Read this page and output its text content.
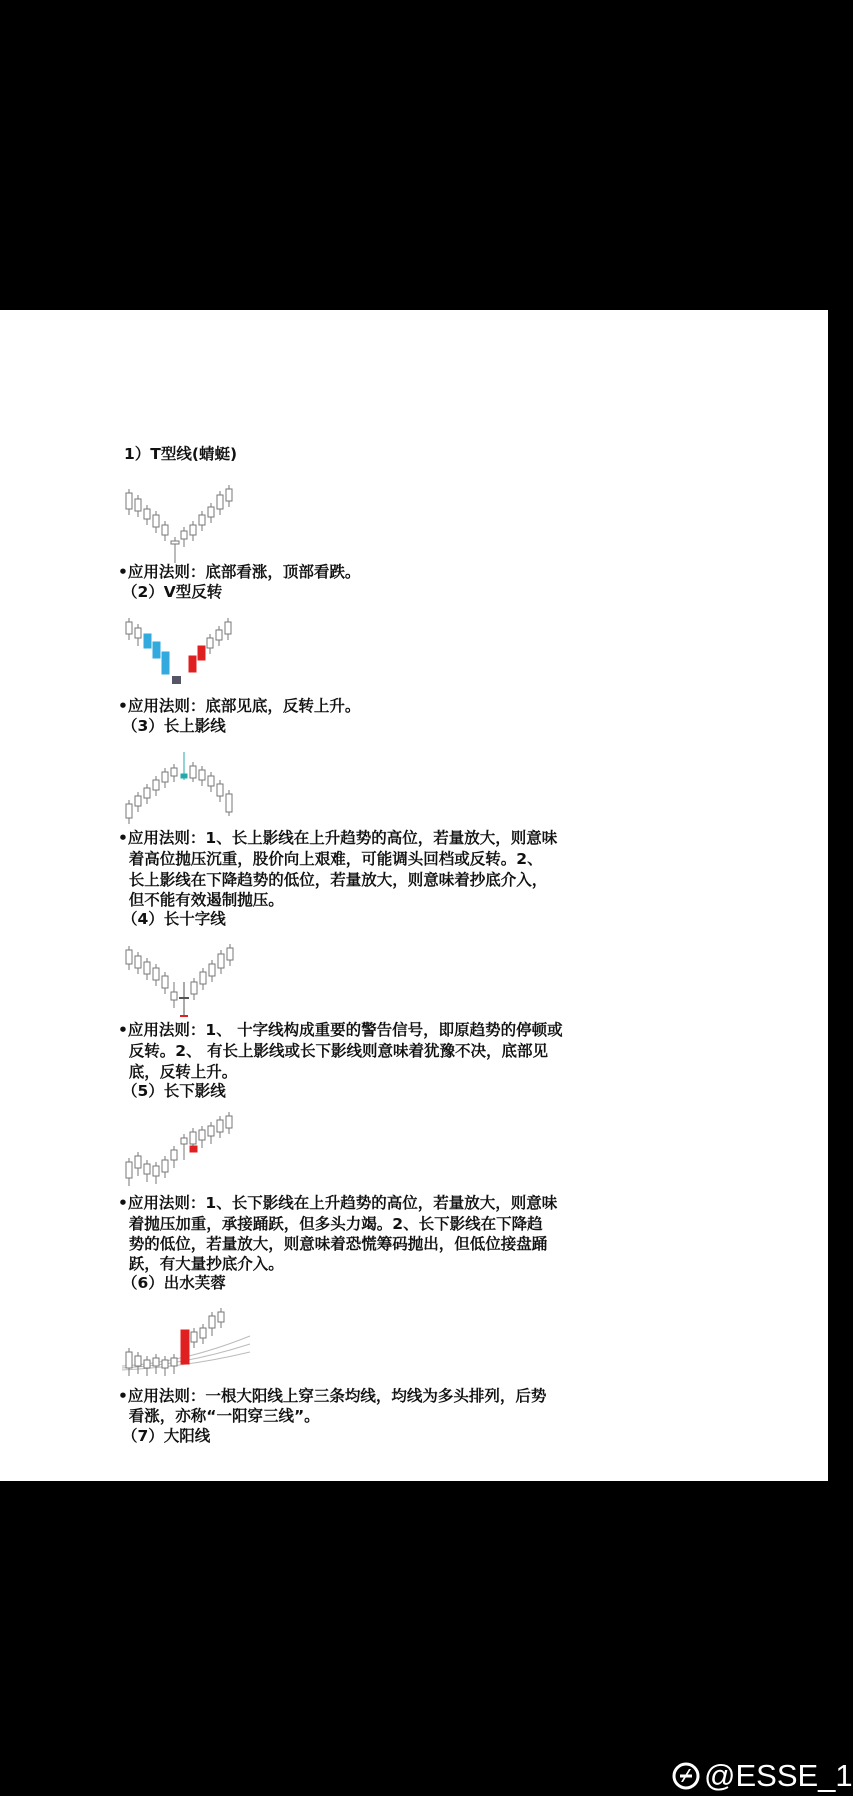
1）T型线(蜻蜓)
•应用法则：底部看涨，顶部看跌。
（2）V型反转
•应用法则：底部见底，反转上升。
（3）长上影线
•应用法则：1、长上影线在上升趋势的高位，若量放大，则意味
着高位抛压沉重，股价向上艰难，可能调头回档或反转。2、
长上影线在下降趋势的低位，若量放大，则意味着抄底介入，
但不能有效遏制抛压。
（4）长十字线
•应用法则：1、 十字线构成重要的警告信号，即原趋势的停顿或
反转。2、 有长上影线或长下影线则意味着犹豫不决，底部见
底，反转上升。
（5）长下影线
•应用法则：1、长下影线在上升趋势的高位，若量放大，则意味
着抛压加重，承接踊跃，但多头力竭。2、长下影线在下降趋
势的低位，若量放大，则意味着恐慌筹码抛出，但低位接盘踊
跃，有大量抄底介入。
（6）出水芙蓉
•应用法则：一根大阳线上穿三条均线，均线为多头排列，后势
看涨，亦称“一阳穿三线”。
（7）大阳线
@ESSE_1
